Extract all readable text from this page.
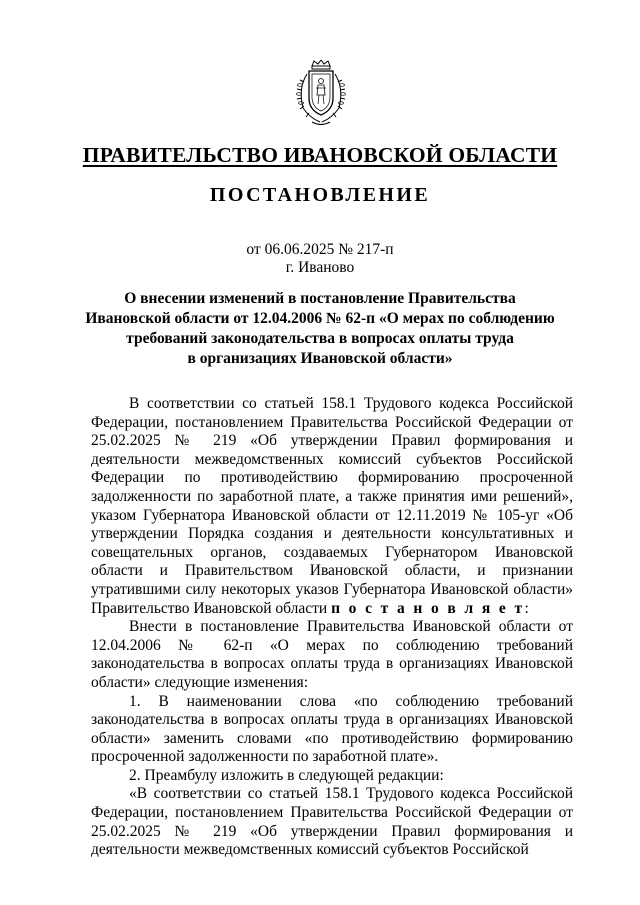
ПРАВИТЕЛЬСТВО ИВАНОВСКОЙ ОБЛАСТИ
ПОСТАНОВЛЕНИЕ
от 06.06.2025 № 217-п
г. Иваново
О внесении изменений в постановление Правительства
Ивановской области от 12.04.2006 № 62-п «О мерах по соблюдению
требований законодательства в вопросах оплаты труда
в организациях Ивановской области»

В соответствии со статьей 158.1 Трудового кодекса Российской Федерации, постановлением Правительства Российской Федерации от 25.02.2025 № 219 «Об утверждении Правил формирования и деятельности межведомственных комиссий субъектов Российской Федерации по противодействию формированию просроченной задолженности по заработной плате, а также принятия ими решений», указом Губернатора Ивановской области от 12.11.2019 № 105-уг «Об утверждении Порядка создания и деятельности консультативных и совещательных органов, создаваемых Губернатором Ивановской области и Правительством Ивановской области, и признании утратившими силу некоторых указов Губернатора Ивановской области» Правительство Ивановской области п о с т а н о в л я е т:

Внести в постановление Правительства Ивановской области от 12.04.2006 № 62-п «О мерах по соблюдению требований законодательства в вопросах оплаты труда в организациях Ивановской области» следующие изменения:

1. В наименовании слова «по соблюдению требований законодательства в вопросах оплаты труда в организациях Ивановской области» заменить словами «по противодействию формированию просроченной задолженности по заработной плате».

2. Преамбулу изложить в следующей редакции:

«В соответствии со статьей 158.1 Трудового кодекса Российской Федерации, постановлением Правительства Российской Федерации от 25.02.2025 № 219 «Об утверждении Правил формирования и деятельности межведомственных комиссий субъектов Российской
